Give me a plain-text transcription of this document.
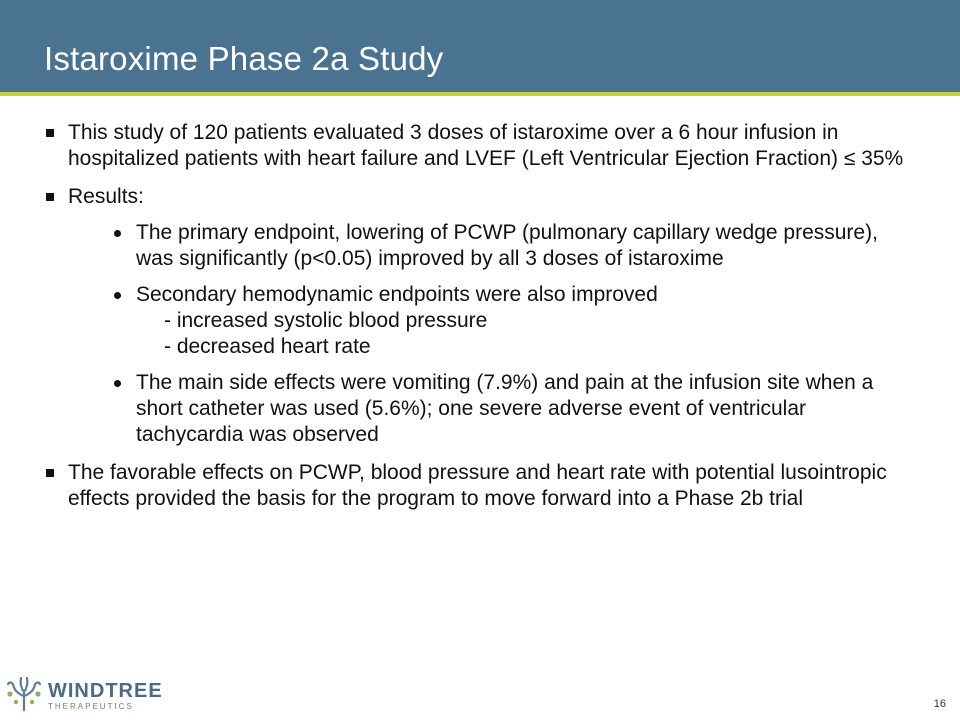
Istaroxime Phase 2a Study
This study of 120 patients evaluated 3 doses of istaroxime over a 6 hour infusion in hospitalized patients with heart failure and LVEF (Left Ventricular Ejection Fraction) ≤ 35%
Results:
The primary endpoint, lowering of PCWP (pulmonary capillary wedge pressure), was significantly (p<0.05) improved by all 3 doses of istaroxime
Secondary hemodynamic endpoints were also improved
- increased systolic blood pressure
- decreased heart rate
The main side effects were vomiting (7.9%) and pain at the infusion site when a short catheter was used (5.6%); one severe adverse event of ventricular tachycardia was observed
The favorable effects on PCWP, blood pressure and heart rate with potential lusointropic effects provided the basis for the program to move forward into a Phase 2b trial
WINDTREE
THERAPEUTICS	16
